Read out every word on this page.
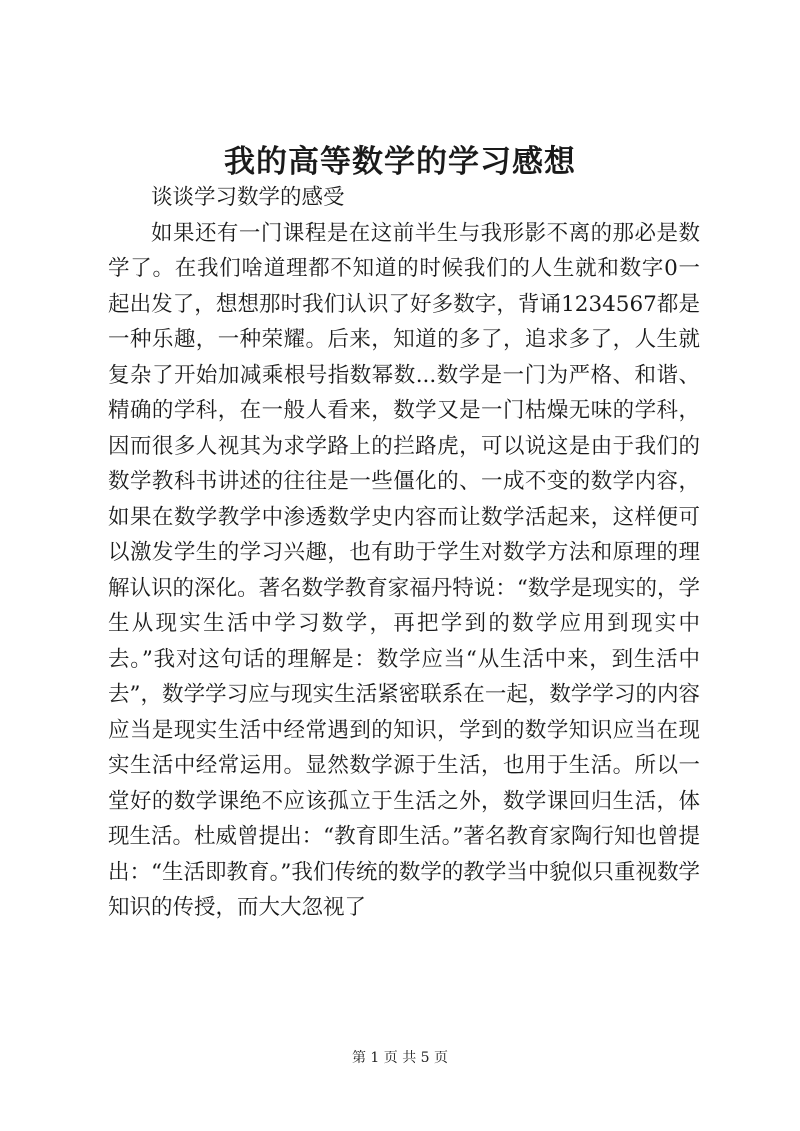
我的高等数学的学习感想

谈谈学习数学的感受

如果还有一门课程是在这前半生与我形影不离的那必是数学了。在我们啥道理都不知道的时候我们的人生就和数字0一起出发了，想想那时我们认识了好多数字，背诵1234567都是一种乐趣，一种荣耀。后来，知道的多了，追求多了，人生就复杂了开始加减乘根号指数幂数...数学是一门为严格、和谐、精确的学科，在一般人看来，数学又是一门枯燥无味的学科，因而很多人视其为求学路上的拦路虎，可以说这是由于我们的数学教科书讲述的往往是一些僵化的、一成不变的数学内容，如果在数学教学中渗透数学史内容而让数学活起来，这样便可以激发学生的学习兴趣，也有助于学生对数学方法和原理的理解认识的深化。著名数学教育家福丹特说：“数学是现实的，学生从现实生活中学习数学，再把学到的数学应用到现实中去。”我对这句话的理解是：数学应当“从生活中来，到生活中去”，数学学习应与现实生活紧密联系在一起，数学学习的内容应当是现实生活中经常遇到的知识，学到的数学知识应当在现实生活中经常运用。显然数学源于生活，也用于生活。所以一堂好的数学课绝不应该孤立于生活之外，数学课回归生活，体现生活。杜威曾提出：“教育即生活。”著名教育家陶行知也曾提出：“生活即教育。”我们传统的数学的教学当中貌似只重视数学知识的传授，而大大忽视了

第 1 页 共 5 页
